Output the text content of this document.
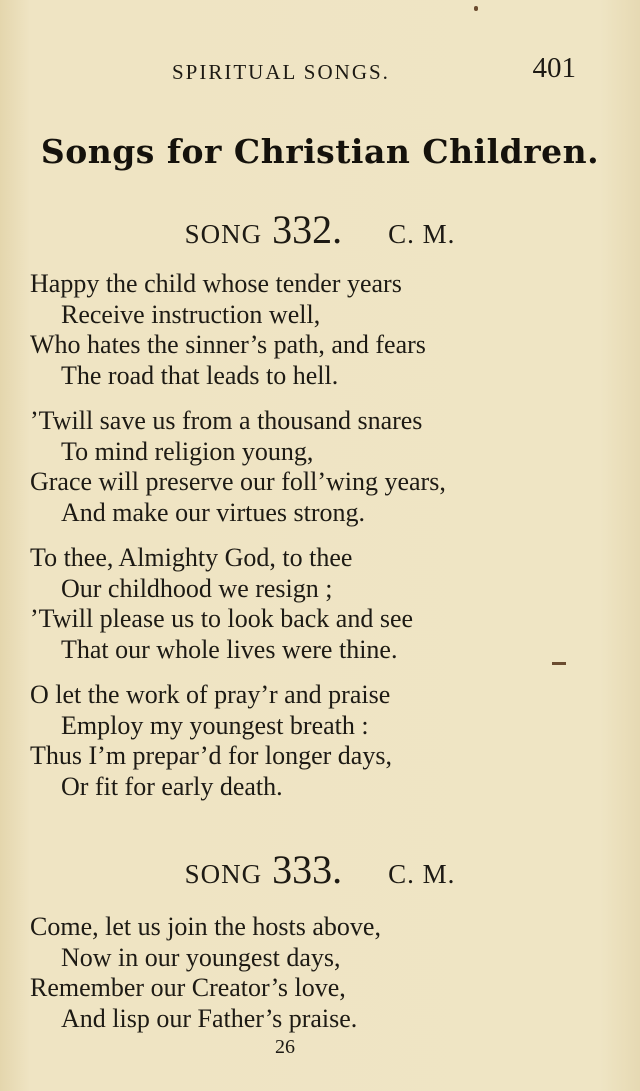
SPIRITUAL SONGS.	401
Songs for Christian Children.
SONG 332. C. M.
Happy the child whose tender years
Receive instruction well,
Who hates the sinner’s path, and fears
The road that leads to hell.
’Twill save us from a thousand snares
To mind religion young,
Grace will preserve our foll’wing years,
And make our virtues strong.
To thee, Almighty God, to thee
Our childhood we resign ;
’Twill please us to look back and see
That our whole lives were thine.
O let the work of pray’r and praise
Employ my youngest breath :
Thus I’m prepar’d for longer days,
Or fit for early death.
SONG 333. C. M.
Come, let us join the hosts above,
Now in our youngest days,
Remember our Creator’s love,
And lisp our Father’s praise.
26
